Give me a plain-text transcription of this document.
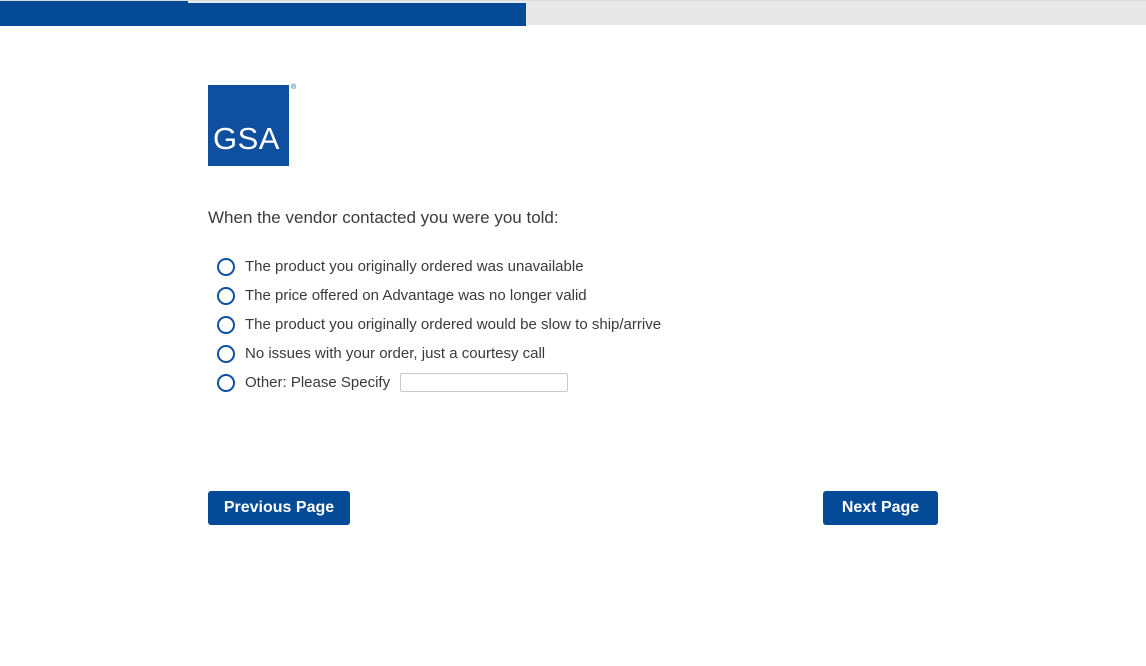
GSA
®
When the vendor contacted you were you told:
The product you originally ordered was unavailable
The price offered on Advantage was no longer valid
The product you originally ordered would be slow to ship/arrive
No issues with your order, just a courtesy call
Other: Please Specify
Previous Page	Next Page
